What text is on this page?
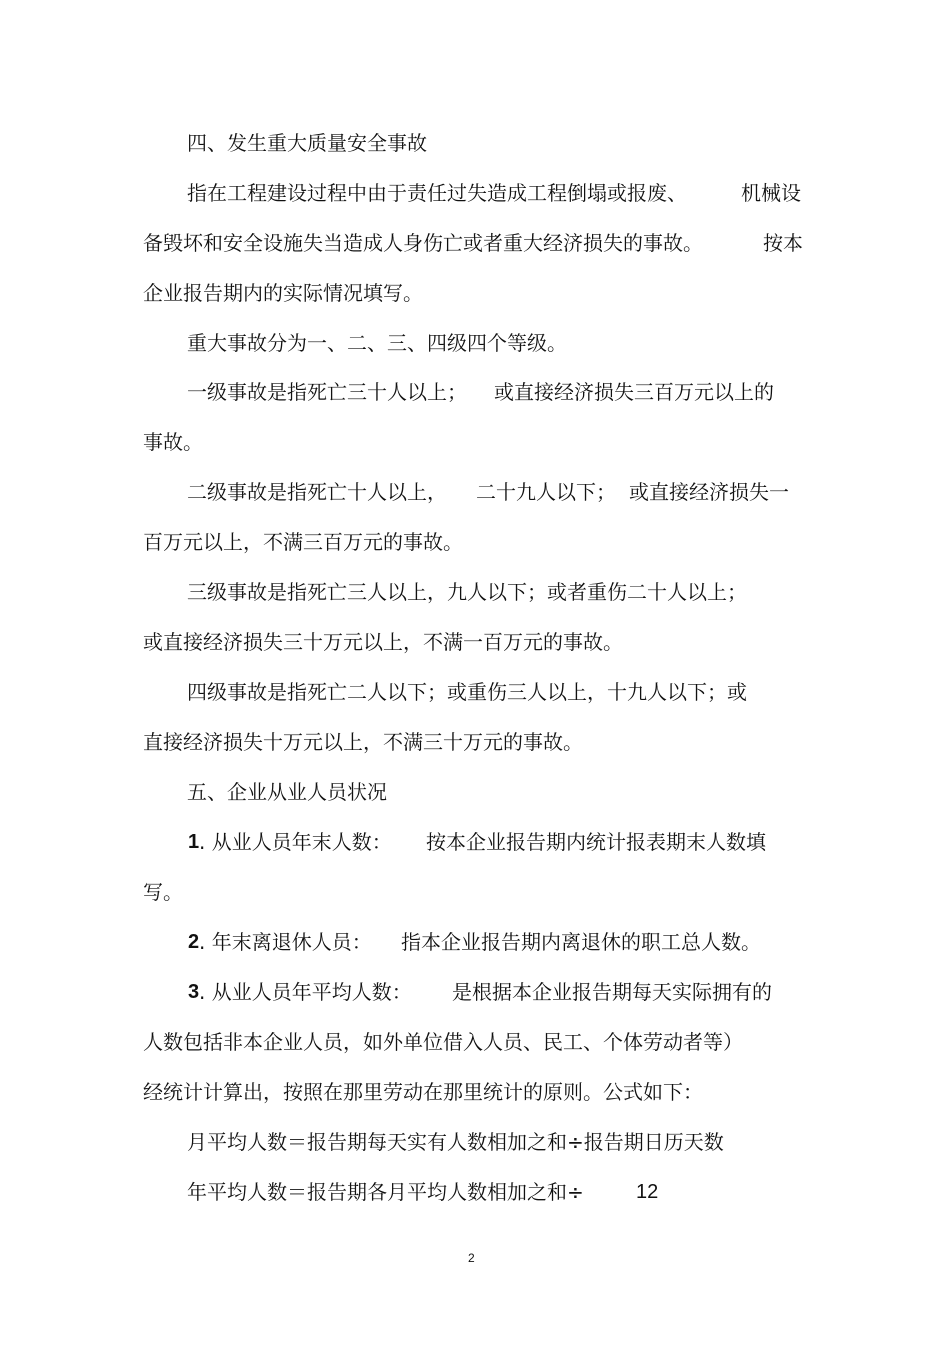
四、发生重大质量安全事故
指在工程建设过程中由于责任过失造成工程倒塌或报废、	机械设
备毁坏和安全设施失当造成人身伤亡或者重大经济损失的事故。	按本
企业报告期内的实际情况填写。
重大事故分为一、二、三、四级四个等级。
一级事故是指死亡三十人以上； 或直接经济损失三百万元以上的
事故。
二级事故是指死亡十人以上， 二十九人以下； 或直接经济损失一
百万元以上，不满三百万元的事故。
三级事故是指死亡三人以上，九人以下；或者重伤二十人以上；
或直接经济损失三十万元以上，不满一百万元的事故。
四级事故是指死亡二人以下；或重伤三人以上，十九人以下；或
直接经济损失十万元以上，不满三十万元的事故。
五、企业从业人员状况
1 . 从业人员年末人数： 按本企业报告期内统计报表期末人数填
写。
2 . 年末离退休人员： 指本企业报告期内离退休的职工总人数。
3 . 从业人员年平均人数： 是根据本企业报告期每天实际拥有的
人数包括非本企业人员，如外单位借入人员、民工、个体劳动者等）
经统计计算出，按照在那里劳动在那里统计的原则。公式如下：
月平均人数＝报告期每天实有人数相加之和÷报告期日历天数
年平均人数＝报告期各月平均人数相加之和÷	12
2
